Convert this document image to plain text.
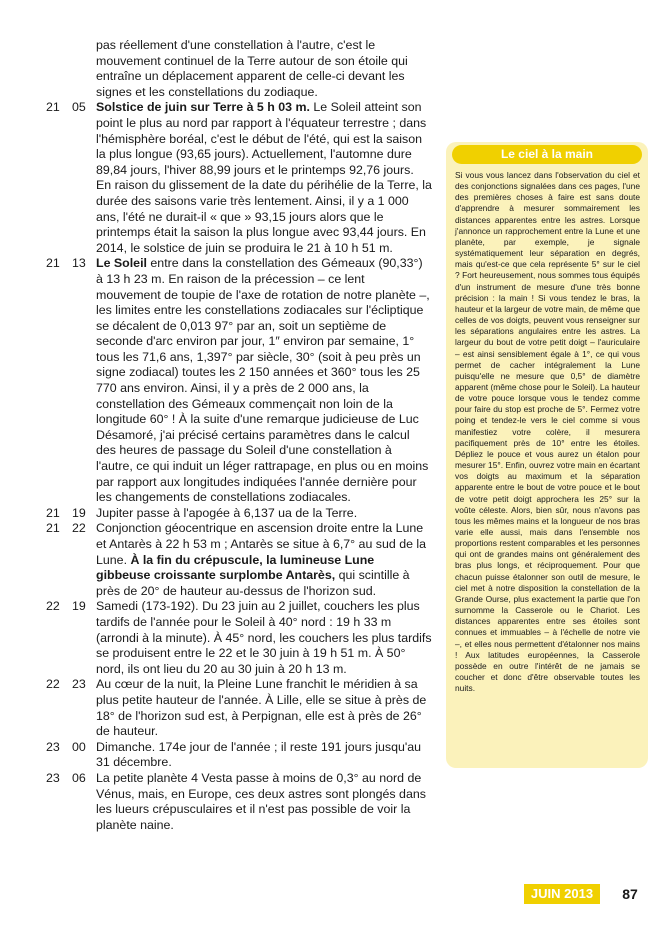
pas réellement d'une constellation à l'autre, c'est le mouvement continuel de la Terre autour de son étoile qui entraîne un déplacement apparent de celle-ci devant les signes et les constellations du zodiaque.
21 05 Solstice de juin sur Terre à 5 h 03 m. Le Soleil atteint son point le plus au nord par rapport à l'équateur terrestre ; dans l'hémisphère boréal, c'est le début de l'été, qui est la saison la plus longue (93,65 jours). Actuellement, l'automne dure 89,84 jours, l'hiver 88,99 jours et le printemps 92,76 jours. En raison du glissement de la date du périhélie de la Terre, la durée des saisons varie très lentement. Ainsi, il y a 1 000 ans, l'été ne durait-il « que » 93,15 jours alors que le printemps était la saison la plus longue avec 93,44 jours. En 2014, le solstice de juin se produira le 21 à 10 h 51 m.
21 13 Le Soleil entre dans la constellation des Gémeaux (90,33°) à 13 h 23 m. En raison de la précession – ce lent mouvement de toupie de l'axe de rotation de notre planète –, les limites entre les constellations zodiacales sur l'écliptique se décalent de 0,013 97° par an, soit un septième de seconde d'arc environ par jour, 1″ environ par semaine, 1° tous les 71,6 ans, 1,397° par siècle, 30° (soit à peu près un signe zodiacal) toutes les 2 150 années et 360° tous les 25 770 ans environ. Ainsi, il y a près de 2 000 ans, la constellation des Gémeaux commençait non loin de la longitude 60° ! À la suite d'une remarque judicieuse de Luc Désamoré, j'ai précisé certains paramètres dans le calcul des heures de passage du Soleil d'une constellation à l'autre, ce qui induit un léger rattrapage, en plus ou en moins par rapport aux longitudes indiquées l'année dernière pour les changements de constellations zodiacales.
21 19 Jupiter passe à l'apogée à 6,137 ua de la Terre.
21 22 Conjonction géocentrique en ascension droite entre la Lune et Antarès à 22 h 53 m ; Antarès se situe à 6,7° au sud de la Lune. À la fin du crépuscule, la lumineuse Lune gibbeuse croissante surplombe Antarès, qui scintille à près de 20° de hauteur au-dessus de l'horizon sud.
22 19 Samedi (173-192). Du 23 juin au 2 juillet, couchers les plus tardifs de l'année pour le Soleil à 40° nord : 19 h 33 m (arrondi à la minute). À 45° nord, les couchers les plus tardifs se produisent entre le 22 et le 30 juin à 19 h 51 m. À 50° nord, ils ont lieu du 20 au 30 juin à 20 h 13 m.
22 23 Au cœur de la nuit, la Pleine Lune franchit le méridien à sa plus petite hauteur de l'année. À Lille, elle se situe à près de 18° de l'horizon sud est, à Perpignan, elle est à près de 26° de hauteur.
23 00 Dimanche. 174e jour de l'année ; il reste 191 jours jusqu'au 31 décembre.
23 06 La petite planète 4 Vesta passe à moins de 0,3° au nord de Vénus, mais, en Europe, ces deux astres sont plongés dans les lueurs crépusculaires et il n'est pas possible de voir la planète naine.
Le ciel à la main
Si vous vous lancez dans l'observation du ciel et des conjonctions signalées dans ces pages, l'une des premières choses à faire est sans doute d'apprendre à mesurer sommairement les distances apparentes entre les astres. Lorsque j'annonce un rapprochement entre la Lune et une planète, par exemple, je signale systématiquement leur séparation en degrés, mais qu'est-ce que cela représente 5° sur le ciel ? Fort heureusement, nous sommes tous équipés d'un instrument de mesure d'une très bonne précision : la main ! Si vous tendez le bras, la hauteur et la largeur de votre main, de même que celles de vos doigts, peuvent vous renseigner sur les séparations angulaires entre les astres. La largeur du bout de votre petit doigt – l'auriculaire – est ainsi sensiblement égale à 1°, ce qui vous permet de cacher intégralement la Lune puisqu'elle ne mesure que 0,5° de diamètre apparent (même chose pour le Soleil). La hauteur de votre pouce lorsque vous le tendez comme pour faire du stop est proche de 5°. Fermez votre poing et tendez-le vers le ciel comme si vous manifestiez votre colère, il mesurera pacifiquement près de 10° entre les étoiles. Dépliez le pouce et vous aurez un étalon pour mesurer 15°. Enfin, ouvrez votre main en écartant vos doigts au maximum et la séparation apparente entre le bout de votre pouce et le bout de votre petit doigt approchera les 25° sur la voûte céleste. Alors, bien sûr, nous n'avons pas tous les mêmes mains et la longueur de nos bras varie elle aussi, mais dans l'ensemble nos proportions restent comparables et les personnes qui ont de grandes mains ont généralement des bras plus longs, et réciproquement. Pour que chacun puisse étalonner son outil de mesure, le ciel met à notre disposition la constellation de la Grande Ourse, plus exactement la partie que l'on surnomme la Casserole ou le Chariot. Les distances apparentes entre ses étoiles sont connues et immuables – à l'échelle de notre vie –, et elles nous permettent d'étalonner nos mains ! Aux latitudes européennes, la Casserole possède en outre l'intérêt de ne jamais se coucher et donc d'être observable toutes les nuits.
JUIN 2013	87
